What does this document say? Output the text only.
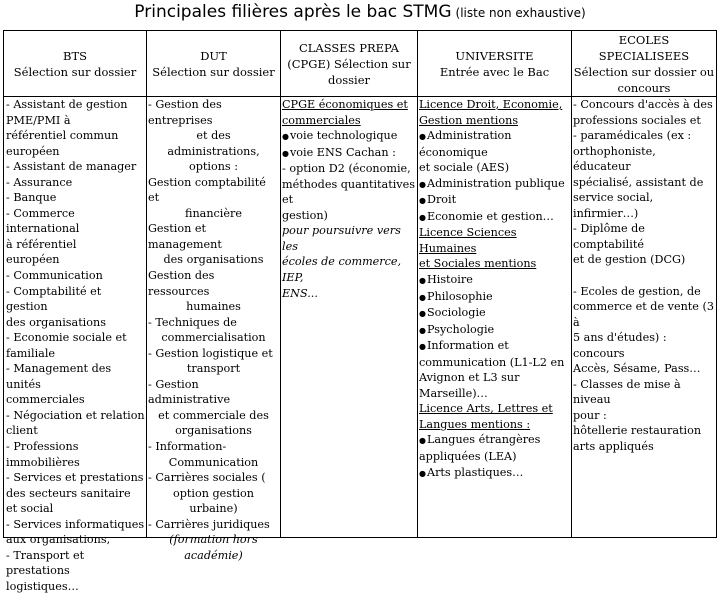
Principales filières après le bac STMG (liste non exhaustive)
BTS
Sélection sur dossier
DUT
Sélection sur dossier
CLASSES PREPA
(CPGE) Sélection sur
dossier
UNIVERSITE
Entrée avec le Bac
ECOLES
SPECIALISEES
Sélection sur dossier ou
concours
- Assistant de gestion
PME/PMI à
référentiel commun
européen
- Assistant de manager
- Assurance
- Banque
- Commerce international
à référentiel
européen
- Communication
- Comptabilité et gestion
des organisations
- Economie sociale et
familiale
- Management des unités
commerciales
- Négociation et relation
client
- Professions
immobilières
- Services et prestations
des secteurs sanitaire
et social
- Services informatiques
aux organisations,
- Transport et prestations
logistiques…
- Gestion des entreprises
et des
administrations,
options :
Gestion comptabilité et
financière
Gestion et management
des organisations
Gestion des ressources
humaines
- Techniques de
commercialisation
- Gestion logistique et
transport
- Gestion administrative
et commerciale des
organisations
- Information-
Communication
- Carrières sociales (
option gestion
urbaine)
- Carrières juridiques
(formation hors
académie)
CPGE économiques et
commerciales
● voie technologique
● voie ENS Cachan :
- option D2 (économie,
méthodes quantitatives et
gestion)
pour poursuivre vers les
écoles de commerce, IEP,
ENS...
Licence Droit, Economie,
Gestion mentions
● Administration économique
et sociale (AES)
● Administration publique
● Droit
● Economie et gestion…
Licence Sciences Humaines
et Sociales mentions
● Histoire
● Philosophie
● Sociologie
● Psychologie
● Information et
communication (L1-L2 en
Avignon et L3 sur
Marseille)…
Licence Arts, Lettres et
Langues mentions :
● Langues étrangères
appliquées (LEA)
● Arts plastiques…
- Concours d'accès à des
professions sociales et
- paramédicales (ex :
orthophoniste, éducateur
spécialisé, assistant de
service social,
infirmier…)
- Diplôme de comptabilité
et de gestion (DCG)

- Ecoles de gestion, de
commerce et de vente (3 à
5 ans d'études) : concours
Accès, Sésame, Pass…
- Classes de mise à niveau
pour :
hôtellerie restauration
arts appliqués
